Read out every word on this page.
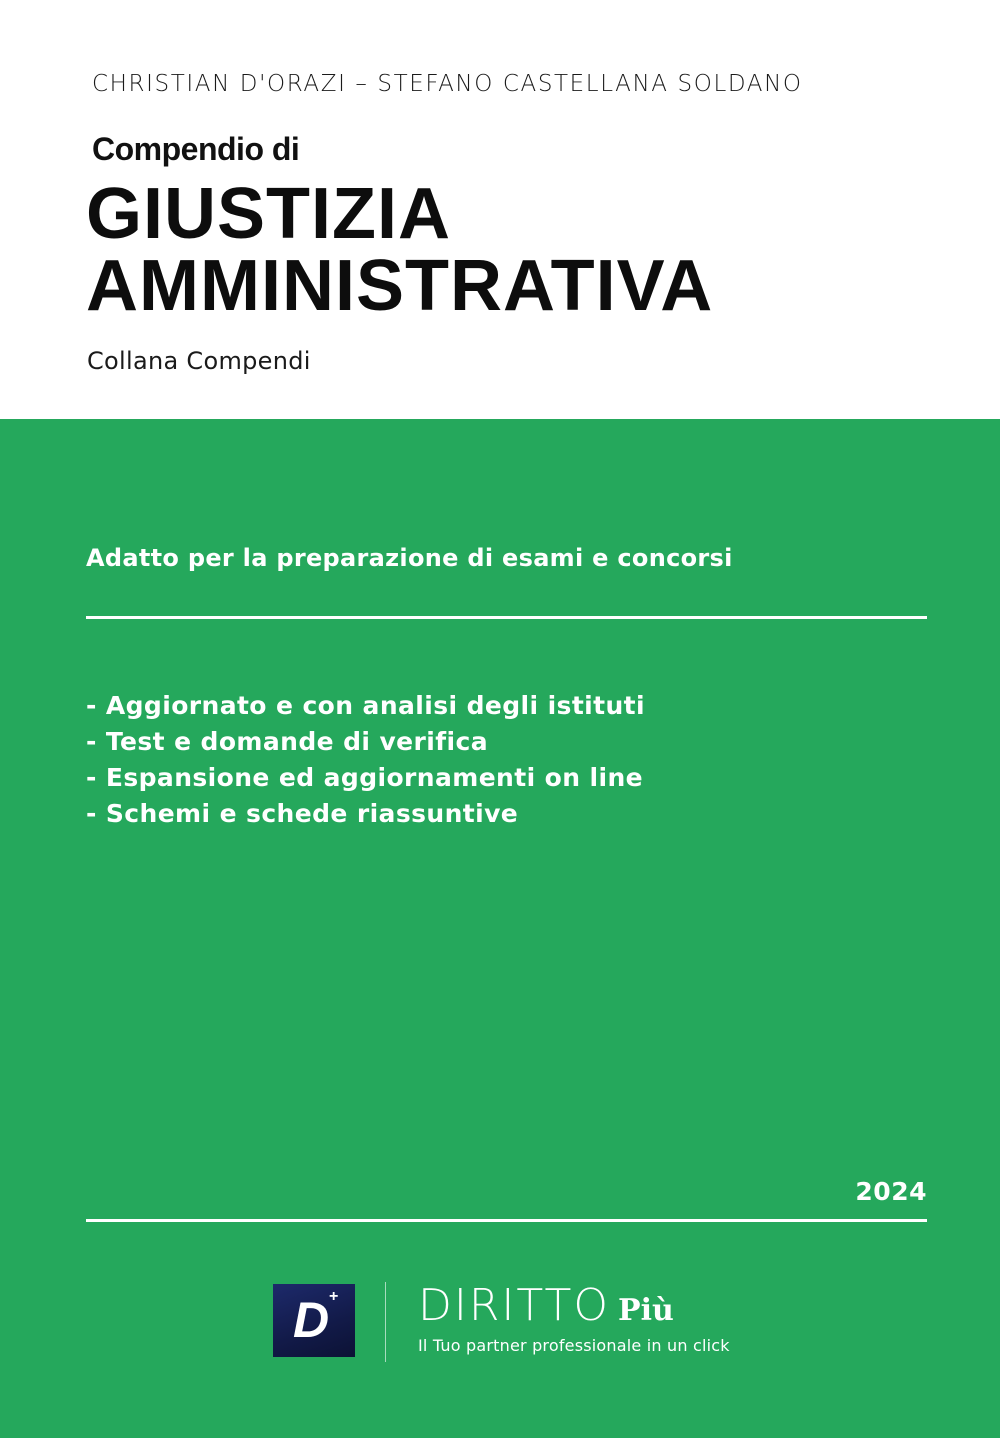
CHRISTIAN D'ORAZI – STEFANO CASTELLANA SOLDANO
Compendio di
GIUSTIZIA
AMMINISTRATIVA
Collana Compendi
Adatto per la preparazione di esami e concorsi
- Aggiornato e con analisi degli istituti
- Test e domande di verifica
- Espansione ed aggiornamenti on line
- Schemi e schede riassuntive
2024
D + DIRITTO Più
Il Tuo partner professionale in un click
